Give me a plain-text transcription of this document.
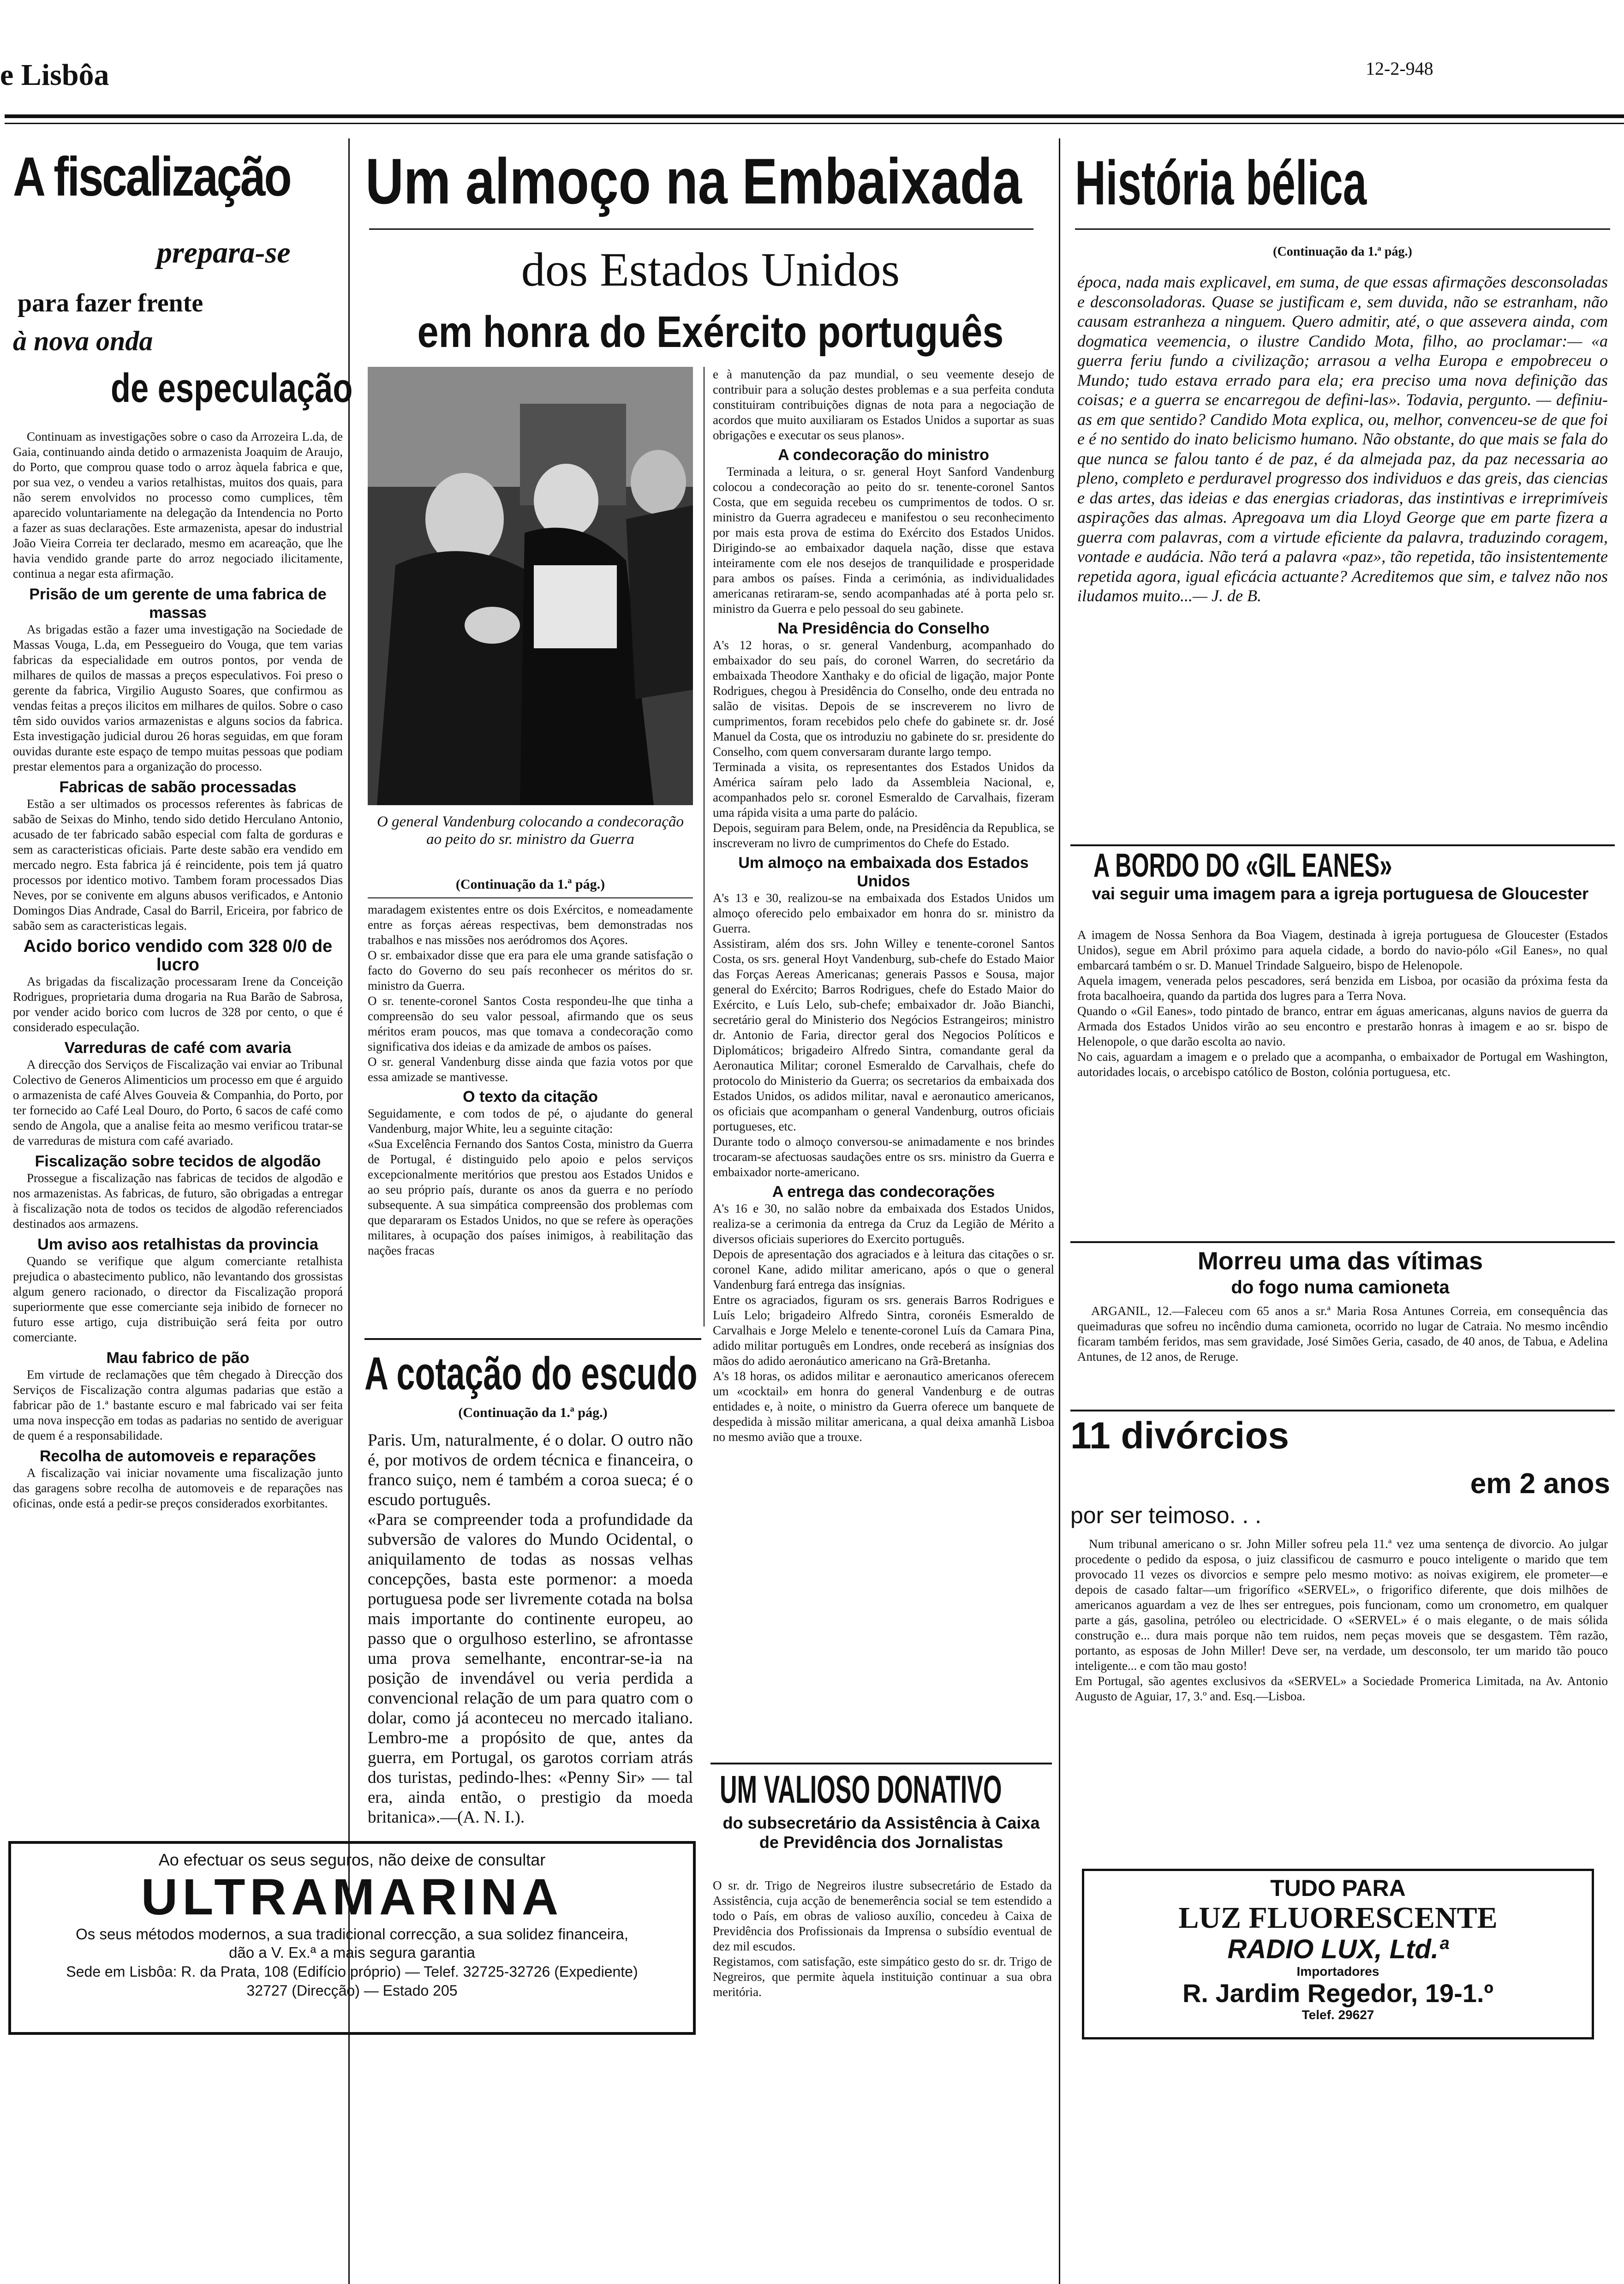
e Lisbôa	12-2-948
A fiscalização
prepara-se
para fazer frente
à nova onda
de especulação
Continuam as investigações sobre o caso da Arrozeira L.da, de Gaia, continuando ainda detido o armazenista Joaquim de Araujo, do Porto, que comprou quase todo o arroz àquela fabrica e que, por sua vez, o vendeu a varios retalhistas, muitos dos quais, para não serem envolvidos no processo como cumplices, têm aparecido voluntariamente na delegação da Intendencia no Porto a fazer as suas declarações. Este armazenista, apesar do industrial João Vieira Correia ter declarado, mesmo em acareação, que lhe havia vendido grande parte do arroz negociado ilicitamente, continua a negar esta afirmação.
Prisão de um gerente de uma fabrica de massas
As brigadas estão a fazer uma investigação na Sociedade de Massas Vouga, L.da, em Pessegueiro do Vouga, que tem varias fabricas da especialidade em outros pontos, por venda de milhares de quilos de massas a preços especulativos. Foi preso o gerente da fabrica, Virgilio Augusto Soares, que confirmou as vendas feitas a preços ilicitos em milhares de quilos. Sobre o caso têm sido ouvidos varios armazenistas e alguns socios da fabrica. Esta investigação judicial durou 26 horas seguidas, em que foram ouvidas durante este espaço de tempo muitas pessoas que podiam prestar elementos para a organização do processo.
Fabricas de sabão processadas
Estão a ser ultimados os processos referentes às fabricas de sabão de Seixas do Minho, tendo sido detido Herculano Antonio, acusado de ter fabricado sabão especial com falta de gorduras e sem as caracteristicas oficiais. Parte deste sabão era vendido em mercado negro. Esta fabrica já é reincidente, pois tem já quatro processos por identico motivo. Tambem foram processados Dias Neves, por se conivente em alguns abusos verificados, e Antonio Domingos Dias Andrade, Casal do Barril, Ericeira, por fabrico de sabão sem as caracteristicas legais.
Acido borico vendido com 328 0/0 de lucro
As brigadas da fiscalização processaram Irene da Conceição Rodrigues, proprietaria duma drogaria na Rua Barão de Sabrosa, por vender acido borico com lucros de 328 por cento, o que é considerado especulação.
Varreduras de café com avaria
A direcção dos Serviços de Fiscalização vai enviar ao Tribunal Colectivo de Generos Alimenticios um processo em que é arguido o armazenista de café Alves Gouveia & Companhia, do Porto, por ter fornecido ao Café Leal Douro, do Porto, 6 sacos de café como sendo de Angola, que a analise feita ao mesmo verificou tratar-se de varreduras de mistura com café avariado.
Fiscalização sobre tecidos de algodão
Prossegue a fiscalização nas fabricas de tecidos de algodão e nos armazenistas. As fabricas, de futuro, são obrigadas a entregar à fiscalização nota de todos os tecidos de algodão referenciados destinados aos armazens.
Um aviso aos retalhistas da provincia
Quando se verifique que algum comerciante retalhista prejudica o abastecimento publico, não levantando dos grossistas algum genero racionado, o director da Fiscalização proporá superiormente que esse comerciante seja inibido de fornecer no futuro esse artigo, cuja distribuição será feita por outro comerciante.
Mau fabrico de pão
Em virtude de reclamações que têm chegado à Direcção dos Serviços de Fiscalização contra algumas padarias que estão a fabricar pão de 1.ª bastante escuro e mal fabricado vai ser feita uma nova inspecção em todas as padarias no sentido de averiguar de quem é a responsabilidade.
Recolha de automoveis e reparações
A fiscalização vai iniciar novamente uma fiscalização junto das garagens sobre recolha de automoveis e de reparações nas oficinas, onde está a pedir-se preços considerados exorbitantes.
Um almoço na Embaixada
dos Estados Unidos
em honra do Exército português
O general Vandenburg colocando a condecoração ao peito do sr. ministro da Guerra
(Continuação da 1.ª pág.)
maradagem existentes entre os dois Exércitos, e nomeadamente entre as forças aéreas respectivas, bem demonstradas nos trabalhos e nas missões nos aeródromos dos Açores.
O sr. embaixador disse que era para ele uma grande satisfação o facto do Governo do seu país reconhecer os méritos do sr. ministro da Guerra.
O sr. tenente-coronel Santos Costa respondeu-lhe que tinha a compreensão do seu valor pessoal, afirmando que os seus méritos eram poucos, mas que tomava a condecoração como significativa dos ideias e da amizade de ambos os países.
O sr. general Vandenburg disse ainda que fazia votos por que essa amizade se mantivesse.
O texto da citação
Seguidamente, e com todos de pé, o ajudante do general Vandenburg, major White, leu a seguinte citação:
«Sua Excelência Fernando dos Santos Costa, ministro da Guerra de Portugal, é distinguido pelo apoio e pelos serviços excepcionalmente meritórios que prestou aos Estados Unidos e ao seu próprio país, durante os anos da guerra e no período subsequente. A sua simpática compreensão dos problemas com que depararam os Estados Unidos, no que se refere às operações militares, à ocupação dos países inimigos, à reabilitação das nações fracas
e à manutenção da paz mundial, o seu veemente desejo de contribuir para a solução destes problemas e a sua perfeita conduta constituiram contribuições dignas de nota para a negociação de acordos que muito auxiliaram os Estados Unidos a suportar as suas obrigações e executar os seus planos».
A condecoração do ministro
Terminada a leitura, o sr. general Hoyt Sanford Vandenburg colocou a condecoração ao peito do sr. tenente-coronel Santos Costa, que em seguida recebeu os cumprimentos de todos. O sr. ministro da Guerra agradeceu e manifestou o seu reconhecimento por mais esta prova de estima do Exército dos Estados Unidos. Dirigindo-se ao embaixador daquela nação, disse que estava inteiramente com ele nos desejos de tranquilidade e prosperidade para ambos os países. Finda a cerimónia, as individualidades americanas retiraram-se, sendo acompanhadas até à porta pelo sr. ministro da Guerra e pelo pessoal do seu gabinete.
Na Presidência do Conselho
A's 12 horas, o sr. general Vandenburg, acompanhado do embaixador do seu país, do coronel Warren, do secretário da embaixada Theodore Xanthaky e do oficial de ligação, major Ponte Rodrigues, chegou à Presidência do Conselho, onde deu entrada no salão de visitas. Depois de se inscreverem no livro de cumprimentos, foram recebidos pelo chefe do gabinete sr. dr. José Manuel da Costa, que os introduziu no gabinete do sr. presidente do Conselho, com quem conversaram durante largo tempo.
Terminada a visita, os representantes dos Estados Unidos da América saíram pelo lado da Assembleia Nacional, e, acompanhados pelo sr. coronel Esmeraldo de Carvalhais, fizeram uma rápida visita a uma parte do palácio.
Depois, seguiram para Belem, onde, na Presidência da Republica, se inscreveram no livro de cumprimentos do Chefe do Estado.
Um almoço na embaixada dos Estados Unidos
A's 13 e 30, realizou-se na embaixada dos Estados Unidos um almoço oferecido pelo embaixador em honra do sr. ministro da Guerra.
Assistiram, além dos srs. John Willey e tenente-coronel Santos Costa, os srs. general Hoyt Vandenburg, sub-chefe do Estado Maior das Forças Aereas Americanas; generais Passos e Sousa, major general do Exército; Barros Rodrigues, chefe do Estado Maior do Exército, e Luís Lelo, sub-chefe; embaixador dr. João Bianchi, secretário geral do Ministerio dos Negócios Estrangeiros; ministro dr. Antonio de Faria, director geral dos Negocios Políticos e Diplomáticos; brigadeiro Alfredo Sintra, comandante geral da Aeronautica Militar; coronel Esmeraldo de Carvalhais, chefe do protocolo do Ministerio da Guerra; os secretarios da embaixada dos Estados Unidos, os adidos militar, naval e aeronautico americanos, os oficiais que acompanham o general Vandenburg, outros oficiais portugueses, etc.
Durante todo o almoço conversou-se animadamente e nos brindes trocaram-se afectuosas saudações entre os srs. ministro da Guerra e embaixador norte-americano.
A entrega das condecorações
A's 16 e 30, no salão nobre da embaixada dos Estados Unidos, realiza-se a cerimonia da entrega da Cruz da Legião de Mérito a diversos oficiais superiores do Exercito português.
Depois de apresentação dos agraciados e à leitura das citações o sr. coronel Kane, adido militar americano, após o que o general Vandenburg fará entrega das insígnias.
Entre os agraciados, figuram os srs. generais Barros Rodrigues e Luís Lelo; brigadeiro Alfredo Sintra, coronéis Esmeraldo de Carvalhais e Jorge Melelo e tenente-coronel Luís da Camara Pina, adido militar português em Londres, onde receberá as insígnias dos mãos do adido aeronáutico americano na Grã-Bretanha.
A's 18 horas, os adidos militar e aeronautico americanos oferecem um «cocktail» em honra do general Vandenburg e de outras entidades e, à noite, o ministro da Guerra oferece um banquete de despedida à missão militar americana, a qual deixa amanhã Lisboa no mesmo avião que a trouxe.
A cotação do escudo
(Continuação da 1.ª pág.)
Paris. Um, naturalmente, é o dolar. O outro não é, por motivos de ordem técnica e financeira, o franco suiço, nem é também a coroa sueca; é o escudo português.
«Para se compreender toda a profundidade da subversão de valores do Mundo Ocidental, o aniquilamento de todas as nossas velhas concepções, basta este pormenor: a moeda portuguesa pode ser livremente cotada na bolsa mais importante do continente europeu, ao passo que o orgulhoso esterlino, se afrontasse uma prova semelhante, encontrar-se-ia na posição de invendável ou veria perdida a convencional relação de um para quatro com o dolar, como já aconteceu no mercado italiano. Lembro-me a propósito de que, antes da guerra, em Portugal, os garotos corriam atrás dos turistas, pedindo-lhes: «Penny Sir» — tal era, ainda então, o prestigio da moeda britanica».—(A. N. I.).
UM VALIOSO DONATIVO
do subsecretário da Assistência à Caixa de Previdência dos Jornalistas
O sr. dr. Trigo de Negreiros ilustre subsecretário de Estado da Assistência, cuja acção de benemerência social se tem estendido a todo o País, em obras de valioso auxílio, concedeu à Caixa de Previdência dos Profissionais da Imprensa o subsídio eventual de dez mil escudos.
Registamos, com satisfação, este simpático gesto do sr. dr. Trigo de Negreiros, que permite àquela instituição continuar a sua obra meritória.
História bélica
(Continuação da 1.ª pág.)
época, nada mais explicavel, em suma, de que essas afirmações desconsoladas e desconsoladoras. Quase se justificam e, sem duvida, não se estranham, não causam estranheza a ninguem. Quero admitir, até, o que assevera ainda, com dogmatica veemencia, o ilustre Candido Mota, filho, ao proclamar:— «a guerra feriu fundo a civilização; arrasou a velha Europa e empobreceu o Mundo; tudo estava errado para ela; era preciso uma nova definição das coisas; e a guerra se encarregou de defini-las». Todavia, pergunto. — definiu-as em que sentido? Candido Mota explica, ou, melhor, convenceu-se de que foi e é no sentido do inato belicismo humano. Não obstante, do que mais se fala do que nunca se falou tanto é de paz, é da almejada paz, da paz necessaria ao pleno, completo e perduravel progresso dos individuos e das greis, das ciencias e das artes, das ideias e das energias criadoras, das instintivas e irreprimíveis aspirações das almas. Apregoava um dia Lloyd George que em parte fizera a guerra com palavras, com a virtude eficiente da palavra, traduzindo coragem, vontade e audácia. Não terá a palavra «paz», tão repetida, tão insistentemente repetida agora, igual eficácia actuante? Acreditemos que sim, e talvez não nos iludamos muito...— J. de B.
A BORDO DO «GIL EANES»
vai seguir uma imagem para a igreja portuguesa de Gloucester
A imagem de Nossa Senhora da Boa Viagem, destinada à igreja portuguesa de Gloucester (Estados Unidos), segue em Abril próximo para aquela cidade, a bordo do navio-pólo «Gil Eanes», no qual embarcará também o sr. D. Manuel Trindade Salgueiro, bispo de Helenopole.
Aquela imagem, venerada pelos pescadores, será benzida em Lisboa, por ocasião da próxima festa da frota bacalhoeira, quando da partida dos lugres para a Terra Nova.
Quando o «Gil Eanes», todo pintado de branco, entrar em águas americanas, alguns navios de guerra da Armada dos Estados Unidos virão ao seu encontro e prestarão honras à imagem e ao sr. bispo de Helenopole, o que darão escolta ao navio.
No cais, aguardam a imagem e o prelado que a acompanha, o embaixador de Portugal em Washington, autoridades locais, o arcebispo católico de Boston, colónia portuguesa, etc.
Morreu uma das vítimas
do fogo numa camioneta
ARGANIL, 12.—Faleceu com 65 anos a sr.ª Maria Rosa Antunes Correia, em consequência das queimaduras que sofreu no incêndio duma camioneta, ocorrido no lugar de Catraia. No mesmo incêndio ficaram também feridos, mas sem gravidade, José Simões Geria, casado, de 40 anos, de Tabua, e Adelina Antunes, de 12 anos, de Reruge.
11 divórcios
em 2 anos
por ser teimoso. . .
Num tribunal americano o sr. John Miller sofreu pela 11.ª vez uma sentença de divorcio. Ao julgar procedente o pedido da esposa, o juiz classificou de casmurro e pouco inteligente o marido que tem provocado 11 vezes os divorcios e sempre pelo mesmo motivo: as noivas exigirem, ele prometer—e depois de casado faltar—um frigorífico «SERVEL», o frigorifico diferente, que dois milhões de americanos aguardam a vez de lhes ser entregues, pois funcionam, como um cronometro, em qualquer parte a gás, gasolina, petróleo ou electricidade. O «SERVEL» é o mais elegante, o de mais sólida construção e... dura mais porque não tem ruidos, nem peças moveis que se desgastem. Têm razão, portanto, as esposas de John Miller! Deve ser, na verdade, um desconsolo, ter um marido tão pouco inteligente... e com tão mau gosto!
Em Portugal, são agentes exclusivos da «SERVEL» a Sociedade Promerica Limitada, na Av. Antonio Augusto de Aguiar, 17, 3.º and. Esq.—Lisboa.
TUDO PARA
LUZ FLUORESCENTE
RADIO LUX, Ltd.ª
Importadores
R. Jardim Regedor, 19-1.º
Telef. 29627
Ao efectuar os seus seguros, não deixe de consultar
ULTRAMARINA
Os seus métodos modernos, a sua tradicional correcção, a sua solidez financeira,
dão a V. Ex.ª a mais segura garantia
Sede em Lisbôa: R. da Prata, 108 (Edifício próprio) — Telef. 32725-32726 (Expediente)
32727 (Direcção) — Estado 205
